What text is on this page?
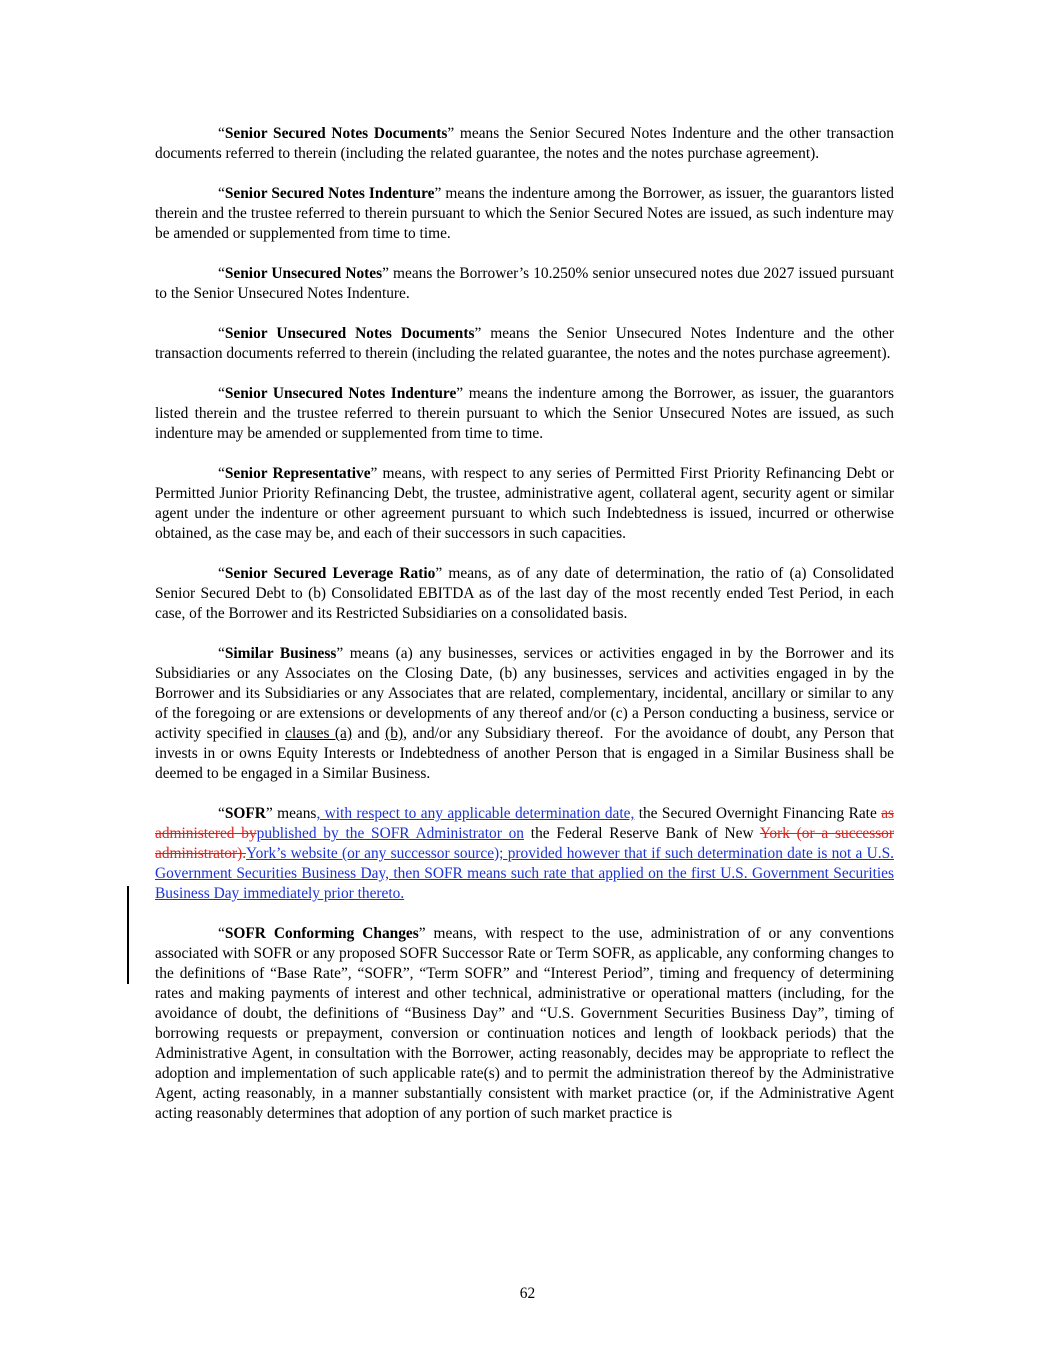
“Senior Secured Notes Documents” means the Senior Secured Notes Indenture and the other transaction documents referred to therein (including the related guarantee, the notes and the notes purchase agreement).

“Senior Secured Notes Indenture” means the indenture among the Borrower, as issuer, the guarantors listed therein and the trustee referred to therein pursuant to which the Senior Secured Notes are issued, as such indenture may be amended or supplemented from time to time.

“Senior Unsecured Notes” means the Borrower’s 10.250% senior unsecured notes due 2027 issued pursuant to the Senior Unsecured Notes Indenture.

“Senior Unsecured Notes Documents” means the Senior Unsecured Notes Indenture and the other transaction documents referred to therein (including the related guarantee, the notes and the notes purchase agreement).

“Senior Unsecured Notes Indenture” means the indenture among the Borrower, as issuer, the guarantors listed therein and the trustee referred to therein pursuant to which the Senior Unsecured Notes are issued, as such indenture may be amended or supplemented from time to time.

“Senior Representative” means, with respect to any series of Permitted First Priority Refinancing Debt or Permitted Junior Priority Refinancing Debt, the trustee, administrative agent, collateral agent, security agent or similar agent under the indenture or other agreement pursuant to which such Indebtedness is issued, incurred or otherwise obtained, as the case may be, and each of their successors in such capacities.

“Senior Secured Leverage Ratio” means, as of any date of determination, the ratio of (a) Consolidated Senior Secured Debt to (b) Consolidated EBITDA as of the last day of the most recently ended Test Period, in each case, of the Borrower and its Restricted Subsidiaries on a consolidated basis.

“Similar Business” means (a) any businesses, services or activities engaged in by the Borrower and its Subsidiaries or any Associates on the Closing Date, (b) any businesses, services and activities engaged in by the Borrower and its Subsidiaries or any Associates that are related, complementary, incidental, ancillary or similar to any of the foregoing or are extensions or developments of any thereof and/or (c) a Person conducting a business, service or activity specified in clauses (a) and (b), and/or any Subsidiary thereof.  For the avoidance of doubt, any Person that invests in or owns Equity Interests or Indebtedness of another Person that is engaged in a Similar Business shall be deemed to be engaged in a Similar Business.

“SOFR” means, with respect to any applicable determination date, the Secured Overnight Financing Rate as administered bypublished by the SOFR Administrator on the Federal Reserve Bank of New York (or a successor administrator).York’s website (or any successor source); provided however that if such determination date is not a U.S. Government Securities Business Day, then SOFR means such rate that applied on the first U.S. Government Securities Business Day immediately prior thereto.

“SOFR Conforming Changes” means, with respect to the use, administration of or any conventions associated with SOFR or any proposed SOFR Successor Rate or Term SOFR, as applicable, any conforming changes to the definitions of “Base Rate”, “SOFR”, “Term SOFR” and “Interest Period”, timing and frequency of determining rates and making payments of interest and other technical, administrative or operational matters (including, for the avoidance of doubt, the definitions of “Business Day” and “U.S. Government Securities Business Day”, timing of borrowing requests or prepayment, conversion or continuation notices and length of lookback periods) that the Administrative Agent, in consultation with the Borrower, acting reasonably, decides may be appropriate to reflect the adoption and implementation of such applicable rate(s) and to permit the administration thereof by the Administrative Agent, acting reasonably, in a manner substantially consistent with market practice (or, if the Administrative Agent acting reasonably determines that adoption of any portion of such market practice is

62
